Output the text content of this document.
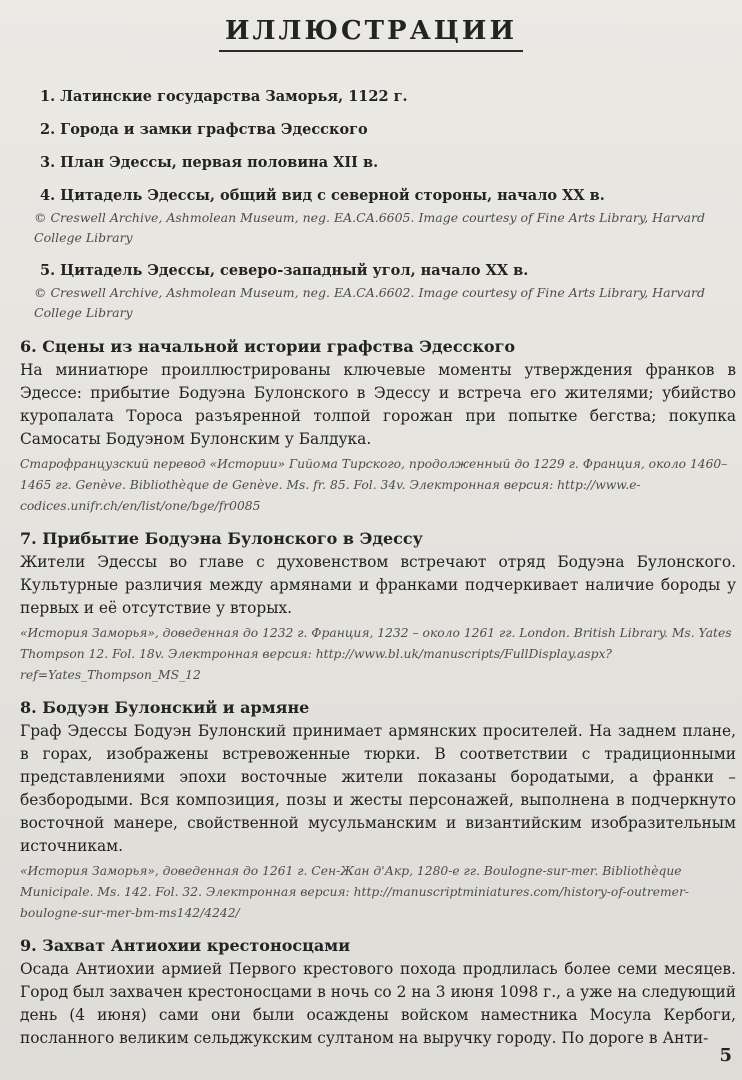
ИЛЛЮСТРАЦИИ

1. Латинские государства Заморья, 1122 г.

2. Города и замки графства Эдесского

3. План Эдессы, первая половина XII в.

4. Цитадель Эдессы, общий вид с северной стороны, начало XX в.

© Creswell Archive, Ashmolean Museum, neg. EA.CA.6605. Image courtesy of Fine Arts Library, Harvard College Library

5. Цитадель Эдессы, северо-западный угол, начало XX в.

© Creswell Archive, Ashmolean Museum, neg. EA.CA.6602. Image courtesy of Fine Arts Library, Harvard College Library

6. Сцены из начальной истории графства Эдесского

На миниатюре проиллюстрированы ключевые моменты утверждения франков в Эдессе: прибытие Бодуэна Булонского в Эдессу и встреча его жителями; убийство куропалата Тороса разъяренной толпой горожан при попытке бегства; покупка Самосаты Бодуэном Булонским у Балдука.

Старофранцузский перевод «Истории» Гийома Тирского, продолженный до 1229 г. Франция, около 1460–1465 гг. Genève. Bibliothèque de Genève. Ms. fr. 85. Fol. 34v. Электронная версия: http://www.e-codices.unifr.ch/en/list/one/bge/fr0085

7. Прибытие Бодуэна Булонского в Эдессу

Жители Эдессы во главе с духовенством встречают отряд Бодуэна Булонского. Культурные различия между армянами и франками подчеркивает наличие бороды у первых и её отсутствие у вторых.

«История Заморья», доведенная до 1232 г. Франция, 1232 – около 1261 гг. London. British Library. Ms. Yates Thompson 12. Fol. 18v. Электронная версия: http://www.bl.uk/manuscripts/FullDisplay.aspx?ref=Yates_Thompson_MS_12

8. Бодуэн Булонский и армяне

Граф Эдессы Бодуэн Булонский принимает армянских просителей. На заднем плане, в горах, изображены встревоженные тюрки. В соответствии с традиционными представлениями эпохи восточные жители показаны бородатыми, а франки – безбородыми. Вся композиция, позы и жесты персонажей, выполнена в подчеркнуто восточной манере, свойственной мусульманским и византийским изобразительным источникам.

«История Заморья», доведенная до 1261 г. Сен-Жан д'Акр, 1280-е гг. Boulogne-sur-mer. Bibliothèque Municipale. Ms. 142. Fol. 32. Электронная версия: http://manuscriptminiatures.com/history-of-outremer-boulogne-sur-mer-bm-ms142/4242/

9. Захват Антиохии крестоносцами

Осада Антиохии армией Первого крестового похода продлилась более семи месяцев. Город был захвачен крестоносцами в ночь со 2 на 3 июня 1098 г., а уже на следующий день (4 июня) сами они были осаждены войском наместника Мосула Кербоги, посланного великим сельджукским султаном на выручку городу. По дороге в Анти-

5
